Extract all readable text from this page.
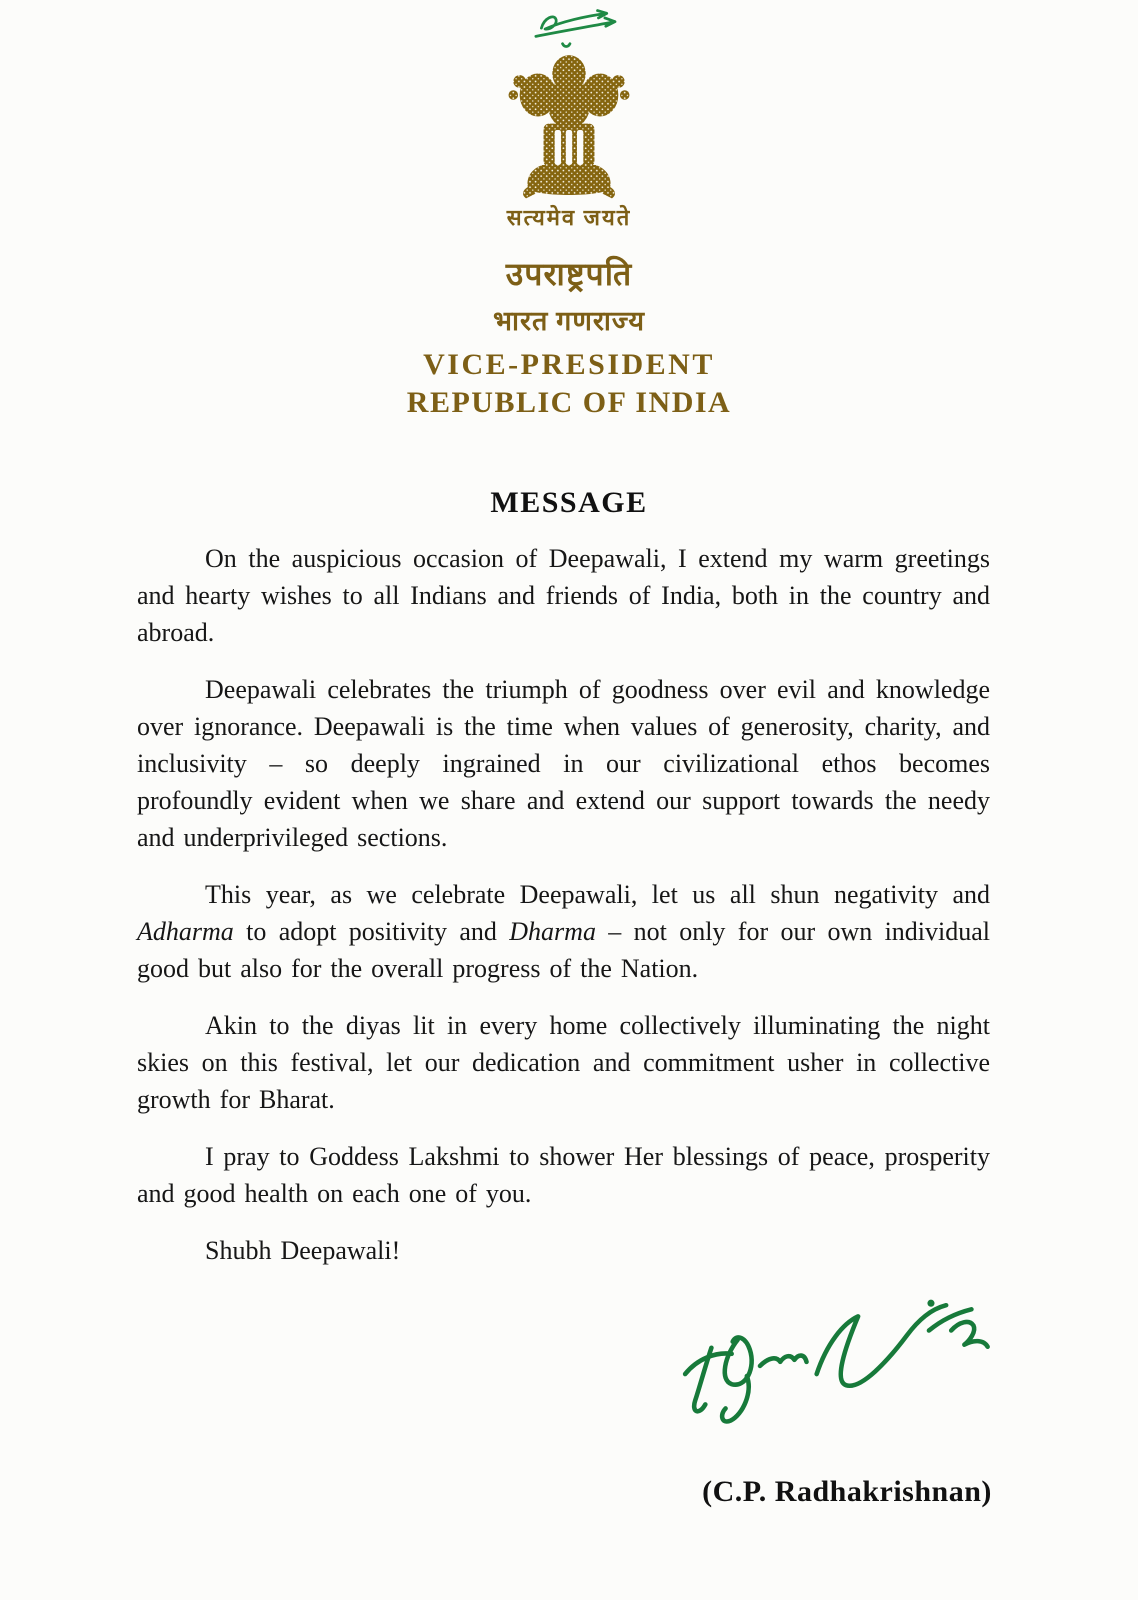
सत्यमेव जयते
उपराष्ट्रपति
भारत गणराज्य
VICE-PRESIDENT
REPUBLIC OF INDIA
MESSAGE

On the auspicious occasion of Deepawali, I extend my warm greetings and hearty wishes to all Indians and friends of India, both in the country and abroad.

Deepawali celebrates the triumph of goodness over evil and knowledge over ignorance. Deepawali is the time when values of generosity, charity, and inclusivity – so deeply ingrained in our civilizational ethos becomes profoundly evident when we share and extend our support towards the needy and underprivileged sections.

This year, as we celebrate Deepawali, let us all shun negativity and Adharma to adopt positivity and Dharma – not only for our own individual good but also for the overall progress of the Nation.

Akin to the diyas lit in every home collectively illuminating the night skies on this festival, let our dedication and commitment usher in collective growth for Bharat.

I pray to Goddess Lakshmi to shower Her blessings of peace, prosperity and good health on each one of you.

Shubh Deepawali!

(C.P. Radhakrishnan)
